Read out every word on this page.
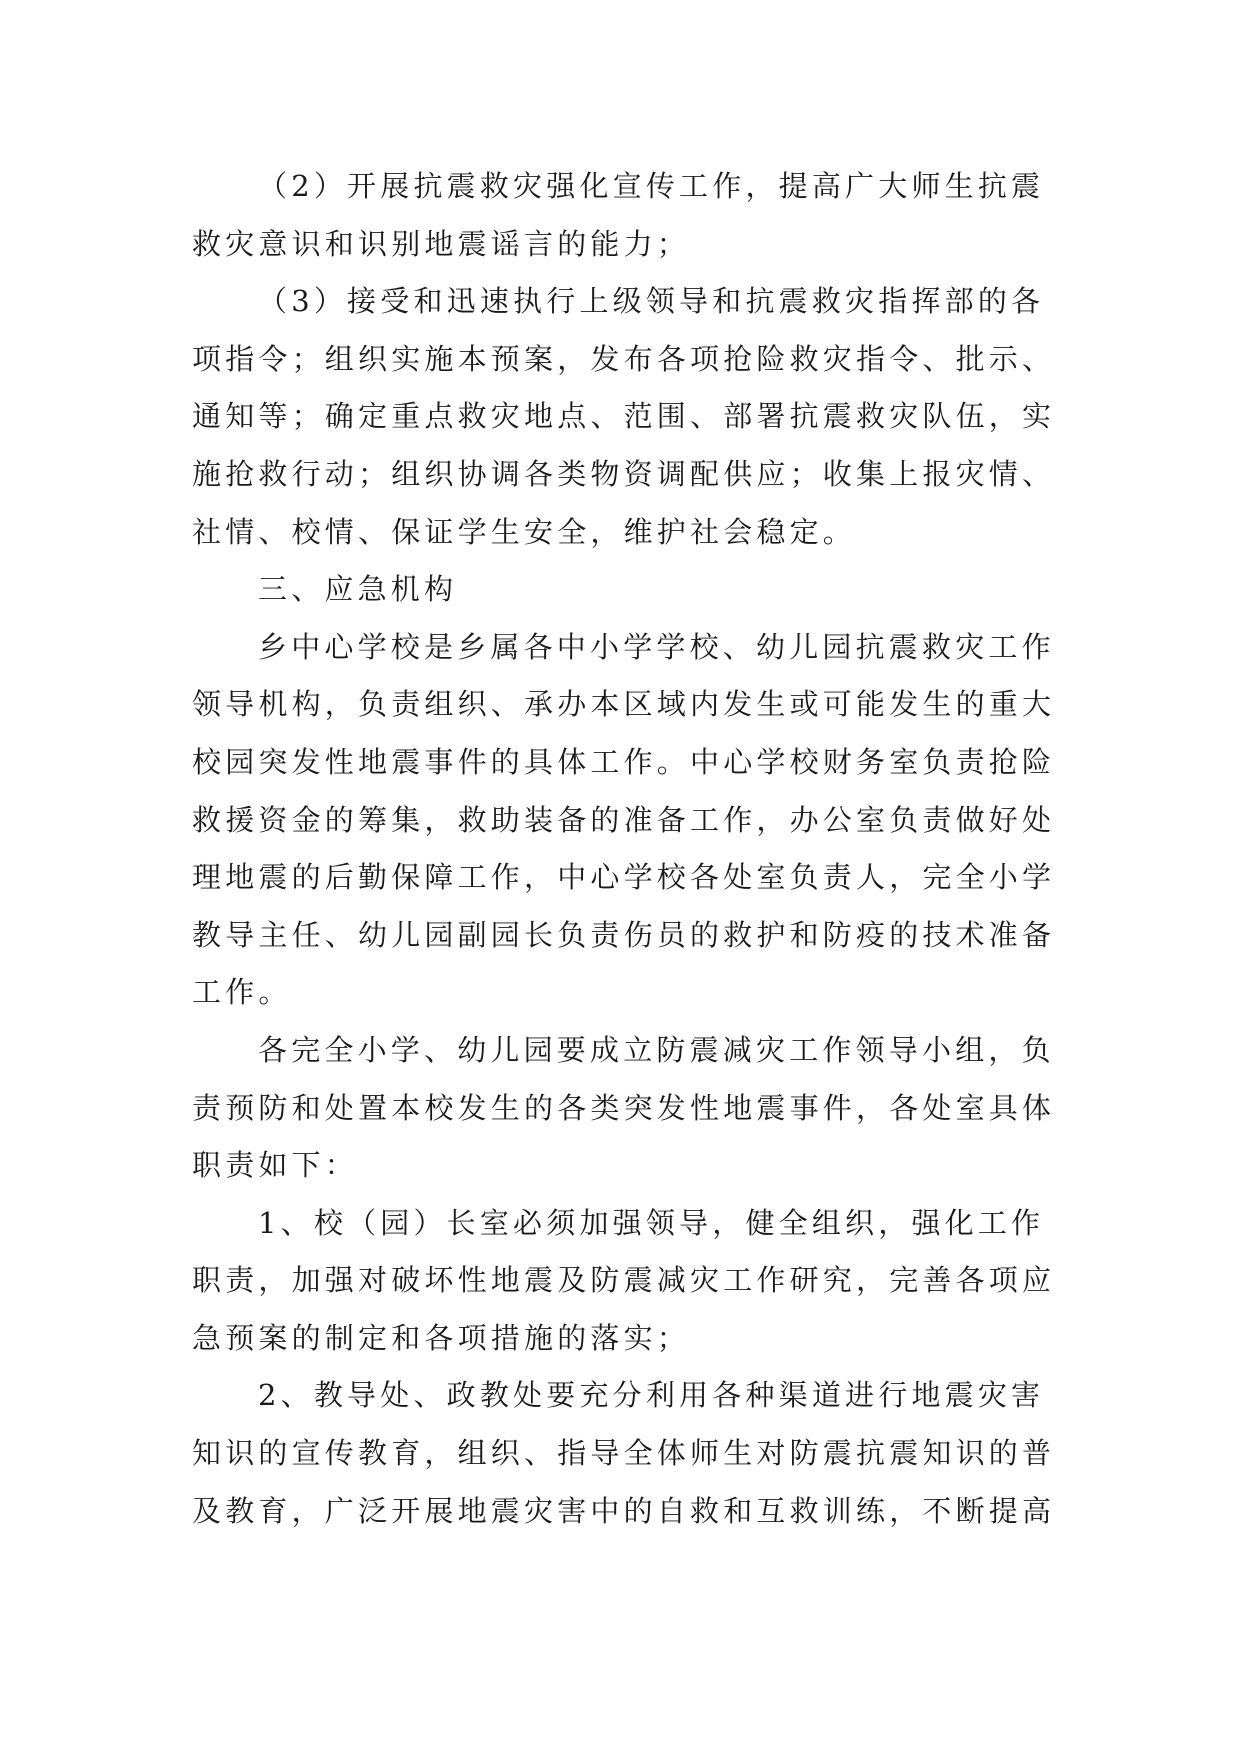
（2）开展抗震救灾强化宣传工作，提高广大师生抗震
救灾意识和识别地震谣言的能力；
（3）接受和迅速执行上级领导和抗震救灾指挥部的各
项指令；组织实施本预案，发布各项抢险救灾指令、批示、
通知等；确定重点救灾地点、范围、部署抗震救灾队伍，实
施抢救行动；组织协调各类物资调配供应；收集上报灾情、
社情、校情、保证学生安全，维护社会稳定。
三、应急机构
乡中心学校是乡属各中小学学校、幼儿园抗震救灾工作
领导机构，负责组织、承办本区域内发生或可能发生的重大
校园突发性地震事件的具体工作。中心学校财务室负责抢险
救援资金的筹集，救助装备的准备工作，办公室负责做好处
理地震的后勤保障工作，中心学校各处室负责人，完全小学
教导主任、幼儿园副园长负责伤员的救护和防疫的技术准备
工作。
各完全小学、幼儿园要成立防震减灾工作领导小组，负
责预防和处置本校发生的各类突发性地震事件，各处室具体
职责如下：
1、校（园）长室必须加强领导，健全组织，强化工作
职责，加强对破坏性地震及防震减灾工作研究，完善各项应
急预案的制定和各项措施的落实；
2、教导处、政教处要充分利用各种渠道进行地震灾害
知识的宣传教育，组织、指导全体师生对防震抗震知识的普
及教育，广泛开展地震灾害中的自救和互救训练，不断提高
